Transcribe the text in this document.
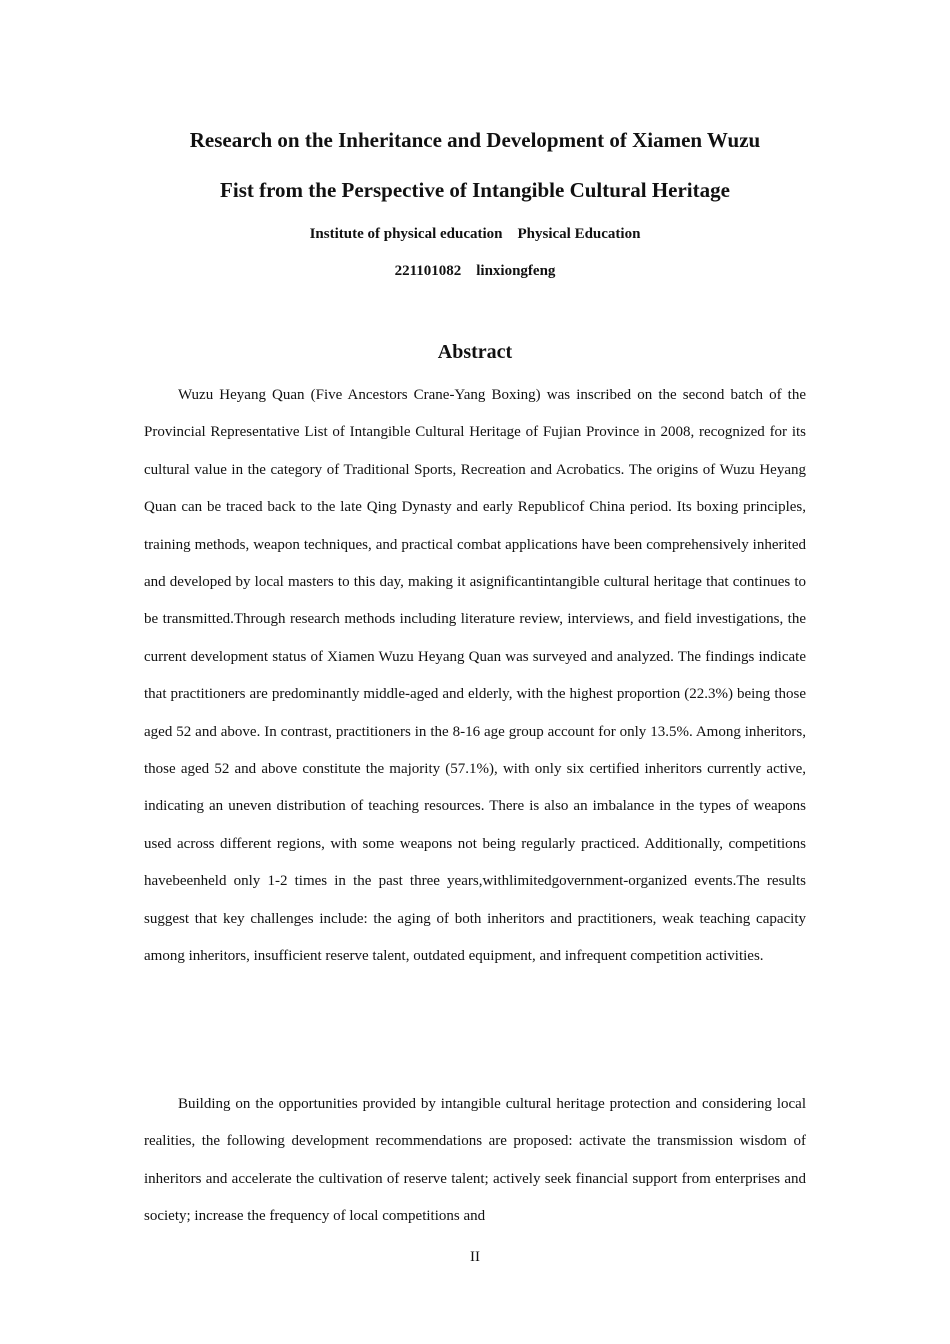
Research on the Inheritance and Development of Xiamen Wuzu
Fist from the Perspective of Intangible Cultural Heritage
Institute of physical education    Physical Education
221101082    linxiongfeng
Abstract

Wuzu Heyang Quan (Five Ancestors Crane-Yang Boxing) was inscribed on the second batch of the Provincial Representative List of Intangible Cultural Heritage of Fujian Province in 2008, recognized for its cultural value in the category of Traditional Sports, Recreation and Acrobatics. The origins of Wuzu Heyang Quan can be traced back to the late Qing Dynasty and early Republicof China period. Its boxing principles, training methods, weapon techniques, and practical combat applications have been comprehensively inherited and developed by local masters to this day, making it asignificantintangible cultural heritage that continues to be transmitted.Through research methods including literature review, interviews, and field investigations, the current development status of Xiamen Wuzu Heyang Quan was surveyed and analyzed. The findings indicate that practitioners are predominantly middle-aged and elderly, with the highest proportion (22.3%) being those aged 52 and above. In contrast, practitioners in the 8-16 age group account for only 13.5%. Among inheritors, those aged 52 and above constitute the majority (57.1%), with only six certified inheritors currently active, indicating an uneven distribution of teaching resources. There is also an imbalance in the types of weapons used across different regions, with some weapons not being regularly practiced. Additionally, competitions havebeenheld only 1-2 times in the past three years,withlimitedgovernment-organized events.The results suggest that key challenges include: the aging of both inheritors and practitioners, weak teaching capacity among inheritors, insufficient reserve talent, outdated equipment, and infrequent competition activities.

Building on the opportunities provided by intangible cultural heritage protection and considering local realities, the following development recommendations are proposed: activate the transmission wisdom of inheritors and accelerate the cultivation of reserve talent; actively seek financial support from enterprises and society; increase the frequency of local competitions and

II
